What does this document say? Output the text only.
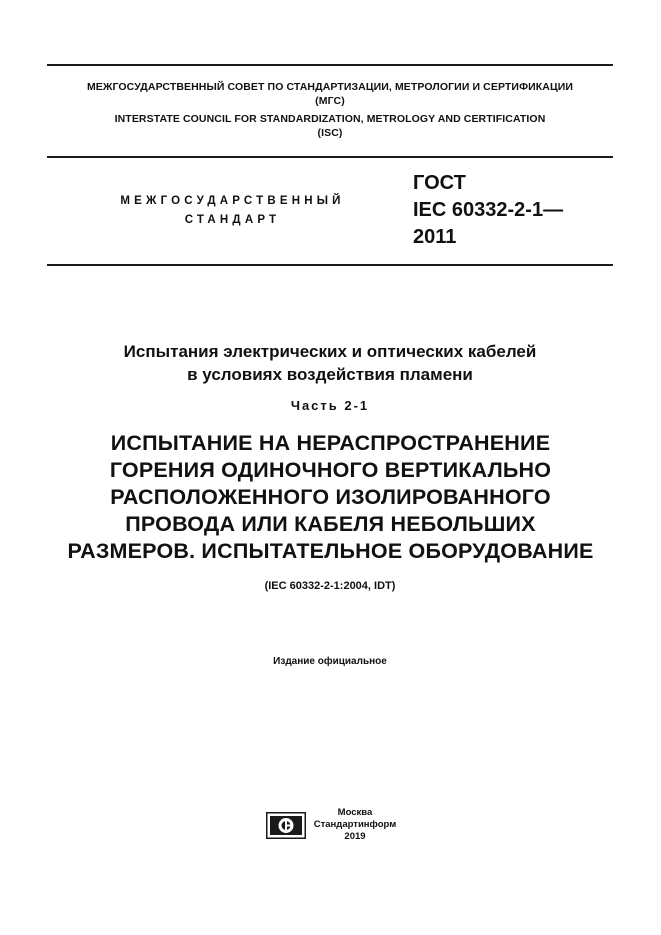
МЕЖГОСУДАРСТВЕННЫЙ СОВЕТ ПО СТАНДАРТИЗАЦИИ, МЕТРОЛОГИИ И СЕРТИФИКАЦИИ
(МГС)
INTERSTATE COUNCIL FOR STANDARDIZATION, METROLOGY AND CERTIFICATION
(ISC)
МЕЖГОСУДАРСТВЕННЫЙ
СТАНДАРТ
ГОСТ
IEC 60332-2-1—
2011
Испытания электрических и оптических кабелей
в условиях воздействия пламени
Часть 2-1
ИСПЫТАНИЕ НА НЕРАСПРОСТРАНЕНИЕ
ГОРЕНИЯ ОДИНОЧНОГО ВЕРТИКАЛЬНО
РАСПОЛОЖЕННОГО ИЗОЛИРОВАННОГО
ПРОВОДА ИЛИ КАБЕЛЯ НЕБОЛЬШИХ
РАЗМЕРОВ. ИСПЫТАТЕЛЬНОЕ ОБОРУДОВАНИЕ
(IEC 60332-2-1:2004, IDT)
Издание официальное
Москва
Стандартинформ
2019
